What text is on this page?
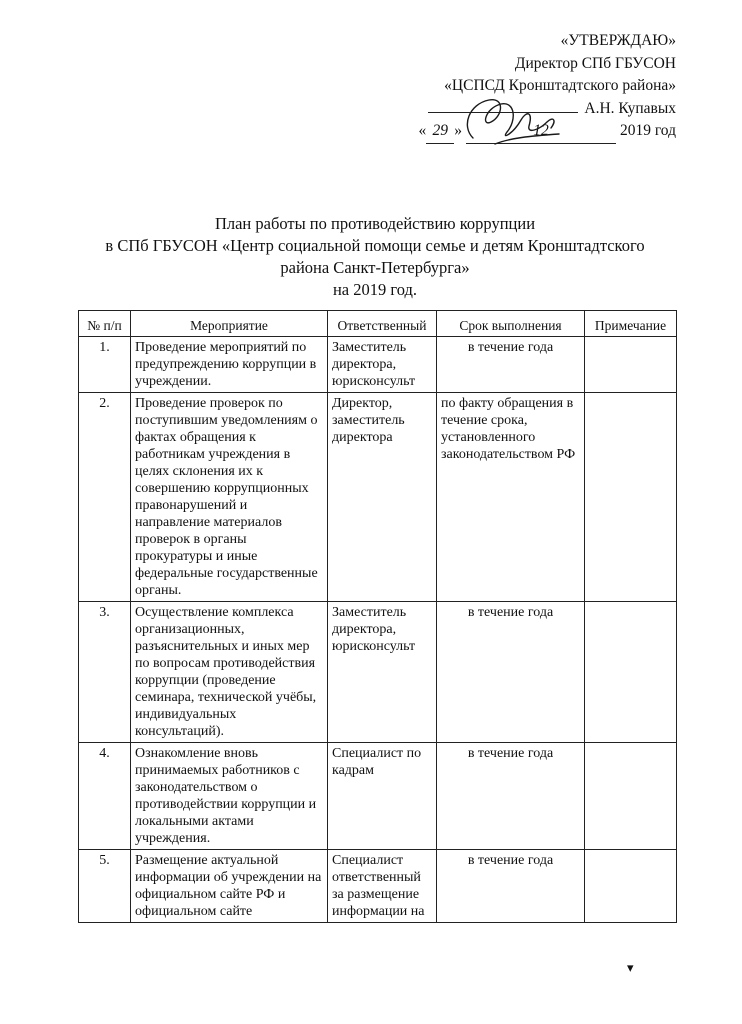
«УТВЕРЖДАЮ»
Директор СПб ГБУСОН
«ЦСПСД Кронштадтского района»
А.Н. Купавых
« 29 »	12	2019 год
План работы по противодействию коррупции
в СПб ГБУСОН «Центр социальной помощи семье и детям Кронштадтского
района Санкт-Петербурга»
на 2019 год.
№ п/п	Мероприятие	Ответственный	Срок выполнения	Примечание
1.	Проведение мероприятий по предупреждению коррупции в учреждении.	Заместитель директора, юрисконсульт	в течение года	
2.	Проведение проверок по поступившим уведомлениям о фактах обращения к работникам учреждения в целях склонения их к совершению коррупционных правонарушений и направление материалов проверок в органы прокуратуры и иные федеральные государственные органы.	Директор, заместитель директора	по факту обращения в течение срока, установленного законодательством РФ	
3.	Осуществление комплекса организационных, разъяснительных и иных мер по вопросам противодействия коррупции (проведение семинара, технической учёбы, индивидуальных консультаций).	Заместитель директора, юрисконсульт	в течение года	
4.	Ознакомление вновь принимаемых работников с законодательством о противодействии коррупции и локальными актами учреждения.	Специалист по кадрам	в течение года	
5.	Размещение актуальной информации об учреждении на официальном сайте РФ и официальном сайте	Специалист ответственный за размещение информации на	в течение года	
▾
